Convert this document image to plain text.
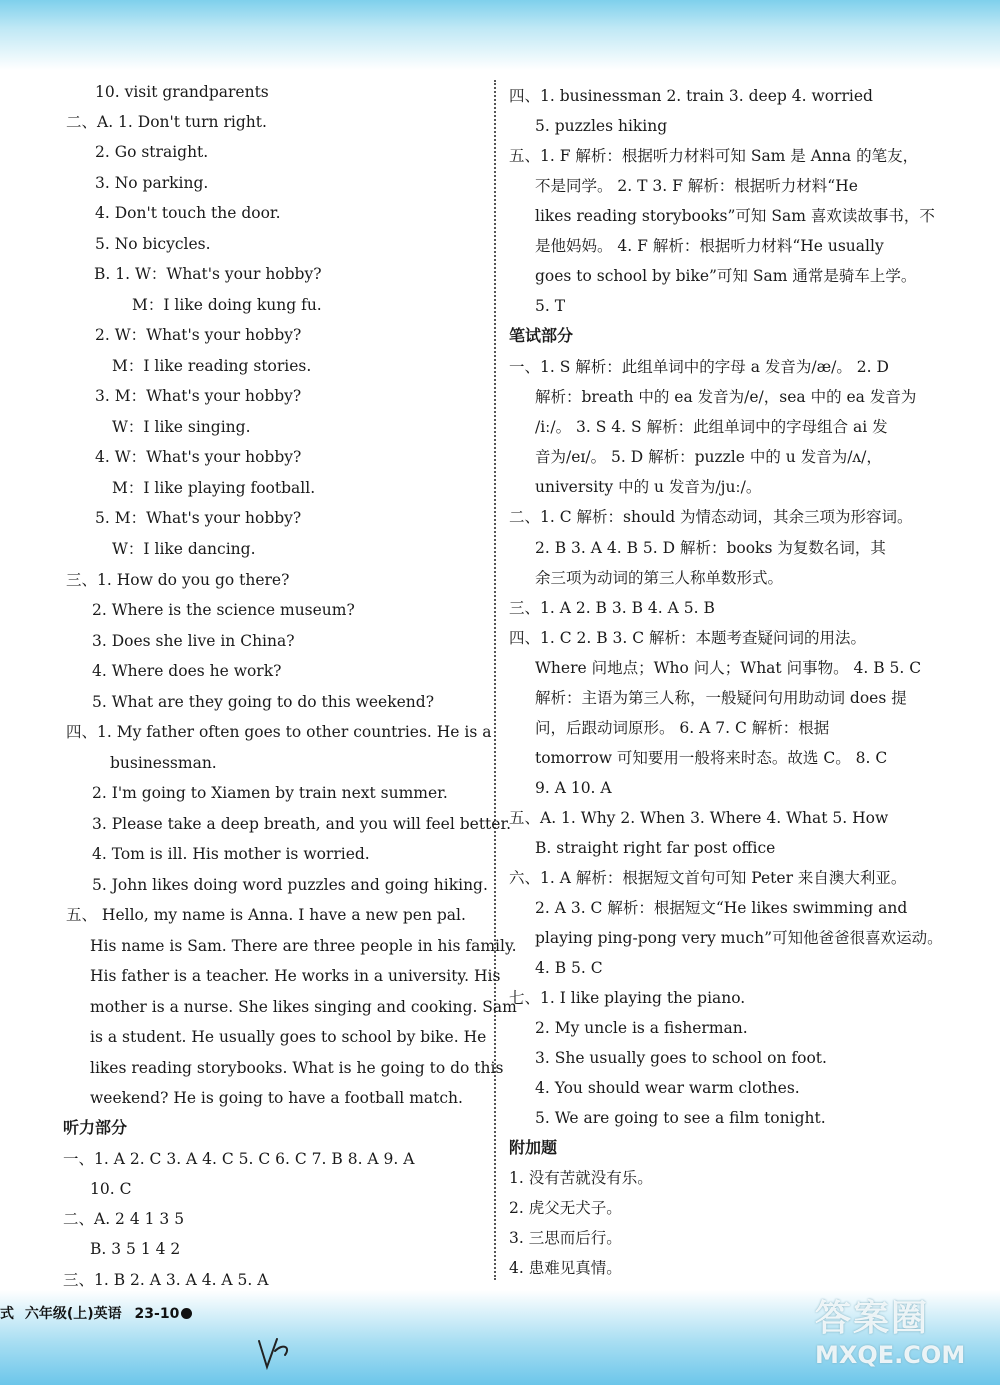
10. visit grandparents
二、A. 1. Don't turn right.
2. Go straight.
3. No parking.
4. Don't touch the door.
5. No bicycles.
B. 1. W：What's your hobby?
M：I like doing kung fu.
2. W：What's your hobby?
M：I like reading stories.
3. M：What's your hobby?
W：I like singing.
4. W：What's your hobby?
M：I like playing football.
5. M：What's your hobby?
W：I like dancing.
三、1. How do you go there?
2. Where is the science museum?
3. Does she live in China?
4. Where does he work?
5. What are they going to do this weekend?
四、1. My father often goes to other countries. He is a
businessman.
2. I'm going to Xiamen by train next summer.
3. Please take a deep breath, and you will feel better.
4. Tom is ill. His mother is worried.
5. John likes doing word puzzles and going hiking.
五、 Hello, my name is Anna. I have a new pen pal.
His name is Sam. There are three people in his family.
His father is a teacher. He works in a university. His
mother is a nurse. She likes singing and cooking. Sam
is a student. He usually goes to school by bike. He
likes reading storybooks. What is he going to do this
weekend? He is going to have a football match.
听力部分
一、1. A 2. C 3. A 4. C 5. C 6. C 7. B 8. A 9. A
10. C
二、A. 2 4 1 3 5
B. 3 5 1 4 2
三、1. B 2. A 3. A 4. A 5. A
四、1. businessman 2. train 3. deep 4. worried
5. puzzles hiking
五、1. F 解析：根据听力材料可知 Sam 是 Anna 的笔友，
不是同学。 2. T 3. F 解析：根据听力材料“He
likes reading storybooks”可知 Sam 喜欢读故事书，不
是他妈妈。 4. F 解析：根据听力材料“He usually
goes to school by bike”可知 Sam 通常是骑车上学。
5. T
笔试部分
一、1. S 解析：此组单词中的字母 a 发音为/æ/。 2. D
解析：breath 中的 ea 发音为/e/，sea 中的 ea 发音为
/iː/。 3. S 4. S 解析：此组单词中的字母组合 ai 发
音为/eɪ/。 5. D 解析：puzzle 中的 u 发音为/ʌ/，
university 中的 u 发音为/juː/。
二、1. C 解析：should 为情态动词，其余三项为形容词。
2. B 3. A 4. B 5. D 解析：books 为复数名词，其
余三项为动词的第三人称单数形式。
三、1. A 2. B 3. B 4. A 5. B
四、1. C 2. B 3. C 解析：本题考查疑问词的用法。
Where 问地点；Who 问人；What 问事物。 4. B 5. C
解析：主语为第三人称，一般疑问句用助动词 does 提
问，后跟动词原形。 6. A 7. C 解析：根据
tomorrow 可知要用一般将来时态。故选 C。 8. C
9. A 10. A
五、A. 1. Why 2. When 3. Where 4. What 5. How
B. straight right far post office
六、1. A 解析：根据短文首句可知 Peter 来自澳大利亚。
2. A 3. C 解析：根据短文“He likes swimming and
playing ping-pong very much”可知他爸爸很喜欢运动。
4. B 5. C
七、1. I like playing the piano.
2. My uncle is a fisherman.
3. She usually goes to school on foot.
4. You should wear warm clothes.
5. We are going to see a film tonight.
附加题
1. 没有苦就没有乐。
2. 虎父无犬子。
3. 三思而后行。
4. 患难见真情。
式 六年级(上)英语 23-10	答案圈
MXQE.COM
